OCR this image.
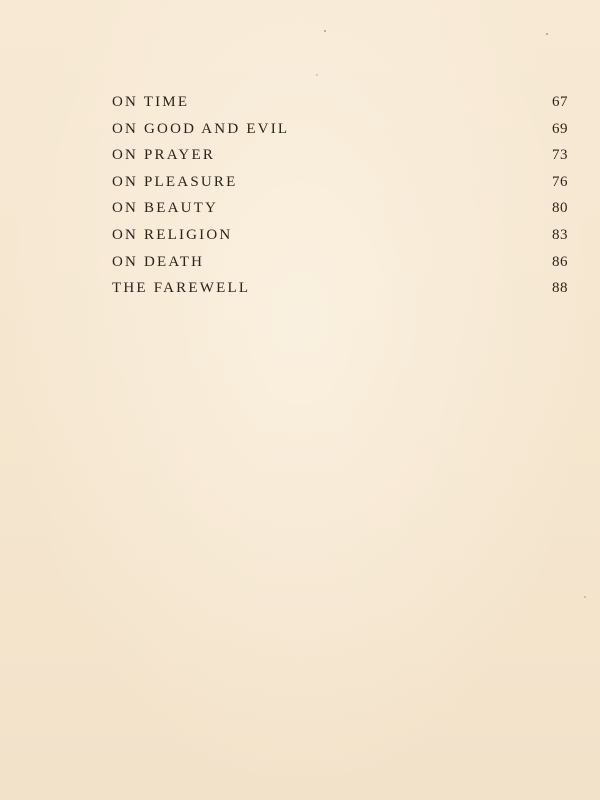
ON TIME	67
ON GOOD AND EVIL	69
ON PRAYER	73
ON PLEASURE	76
ON BEAUTY	80
ON RELIGION	83
ON DEATH	86
THE FAREWELL	88
